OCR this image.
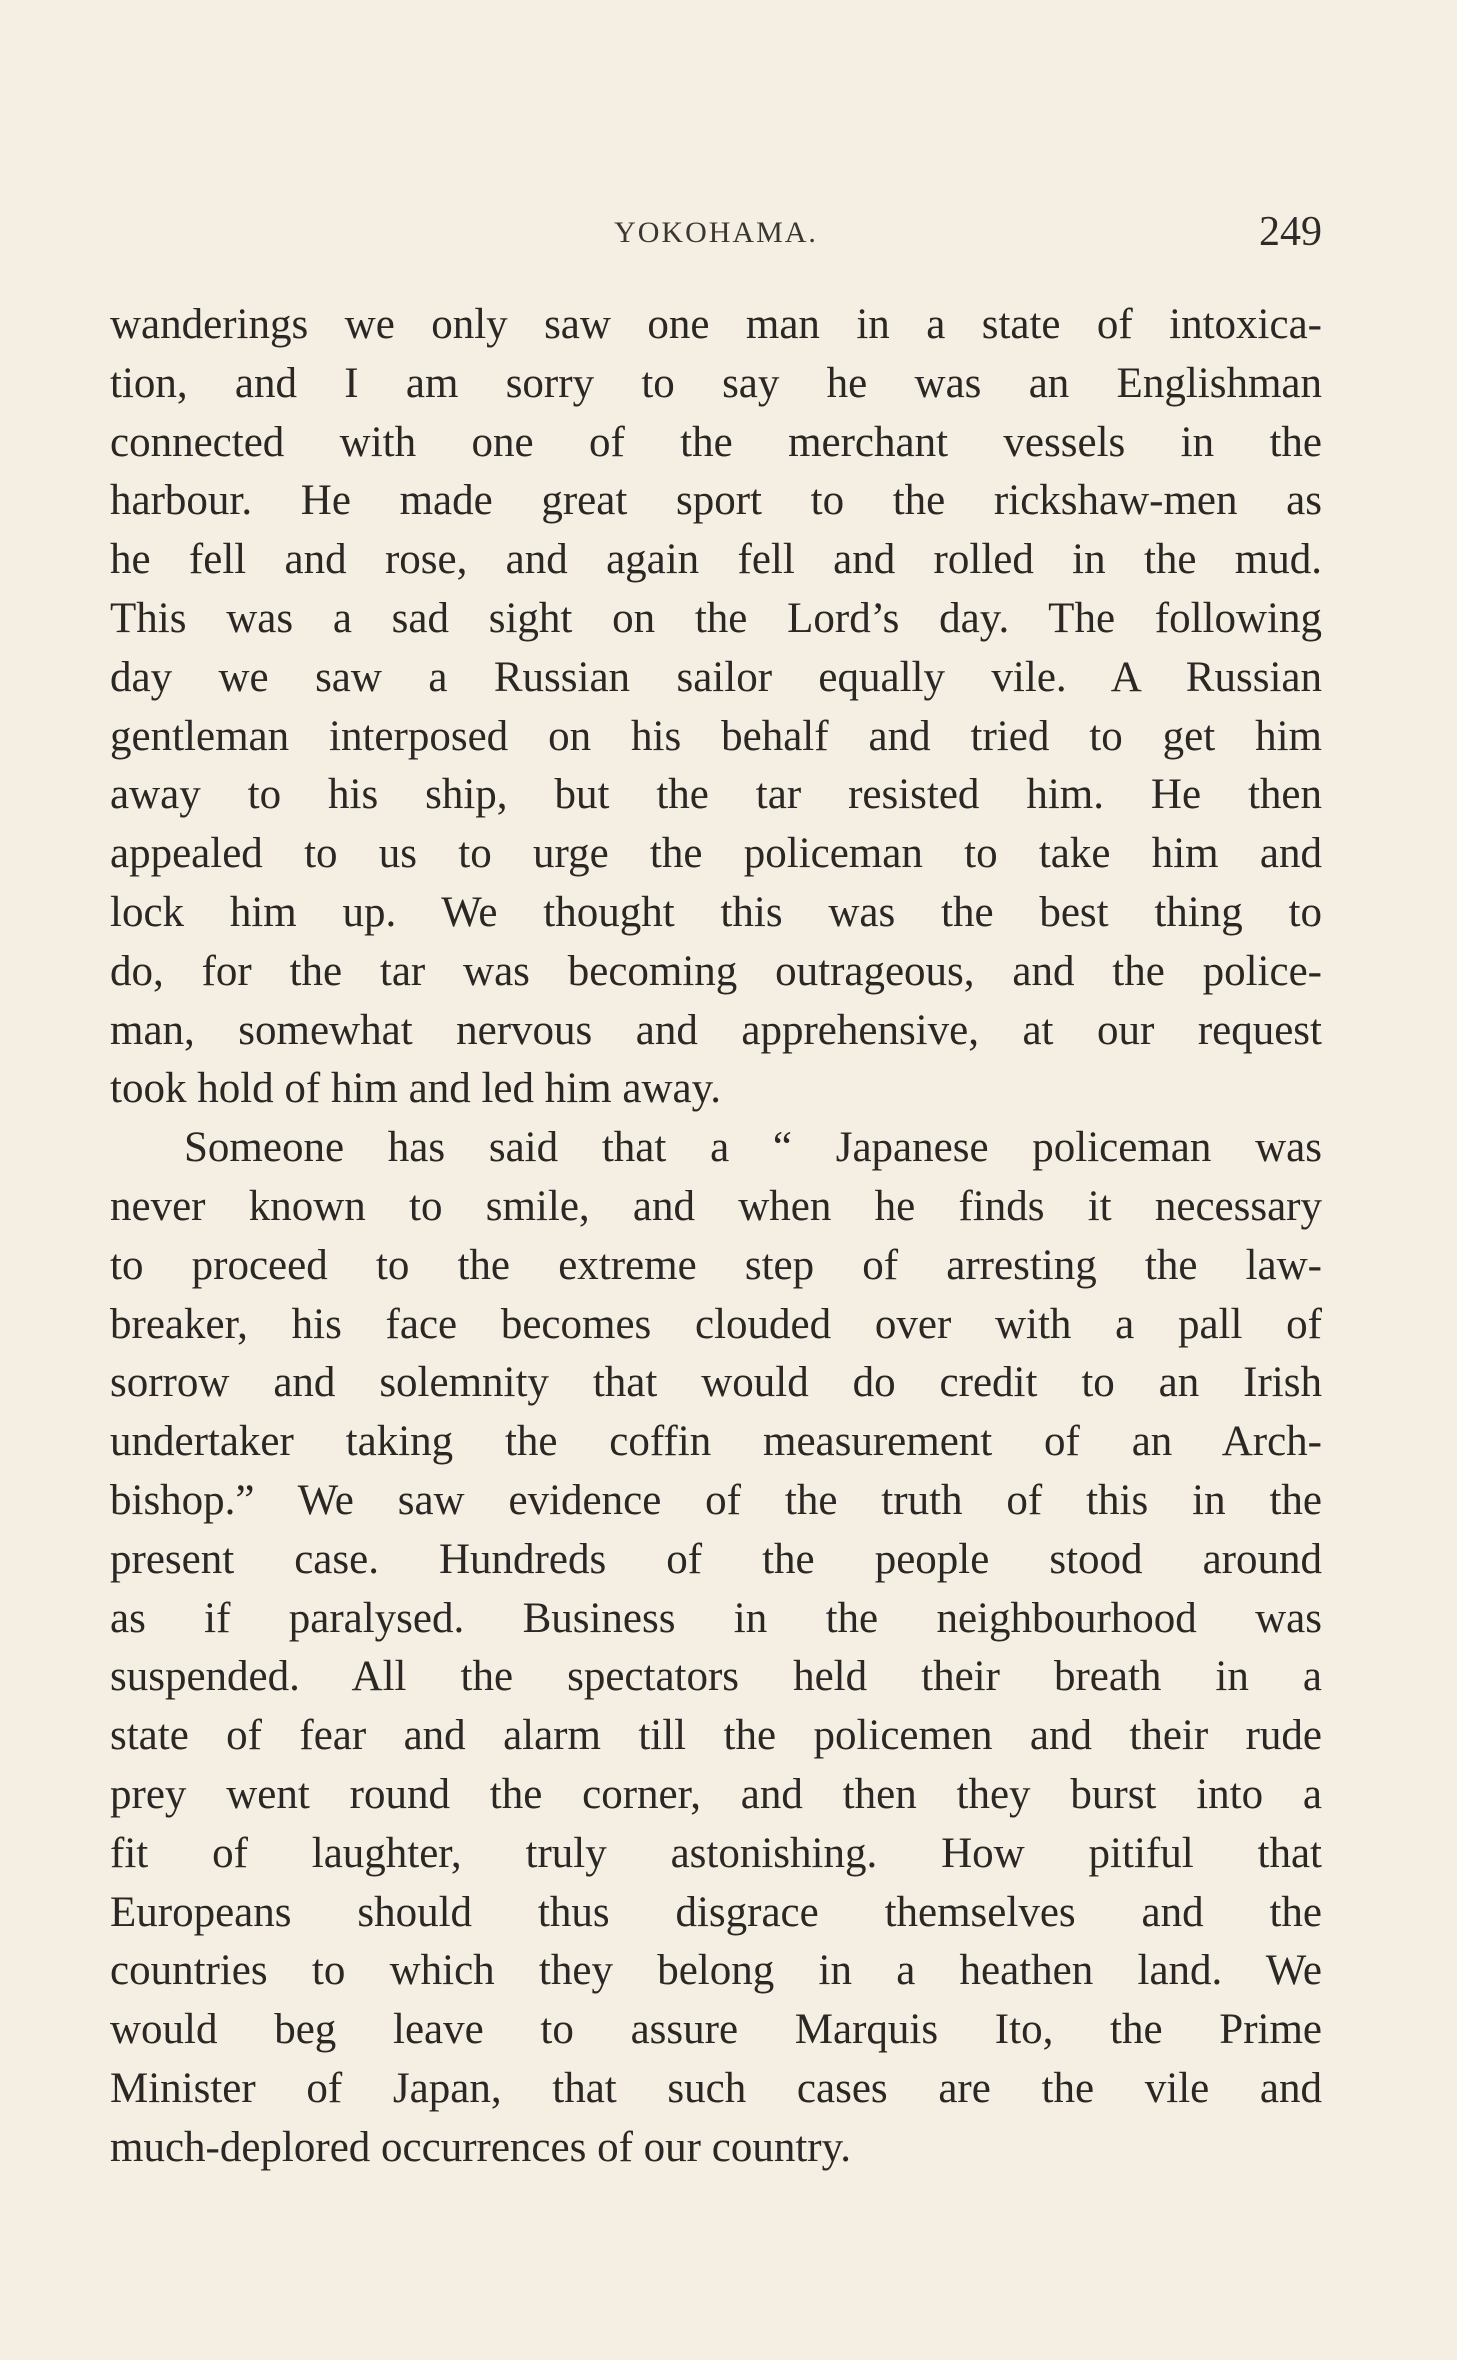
YOKOHAMA.	249
wanderings we only saw one man in a state of intoxica-
tion, and I am sorry to say he was an Englishman
connected with one of the merchant vessels in the
harbour. He made great sport to the rickshaw-men as
he fell and rose, and again fell and rolled in the mud.
This was a sad sight on the Lord’s day. The following
day we saw a Russian sailor equally vile. A Russian
gentleman interposed on his behalf and tried to get him
away to his ship, but the tar resisted him. He then
appealed to us to urge the policeman to take him and
lock him up. We thought this was the best thing to
do, for the tar was becoming outrageous, and the police-
man, somewhat nervous and apprehensive, at our request
took hold of him and led him away.
Someone has said that a “ Japanese policeman was
never known to smile, and when he finds it necessary
to proceed to the extreme step of arresting the law-
breaker, his face becomes clouded over with a pall of
sorrow and solemnity that would do credit to an Irish
undertaker taking the coffin measurement of an Arch-
bishop.” We saw evidence of the truth of this in the
present case. Hundreds of the people stood around
as if paralysed. Business in the neighbourhood was
suspended. All the spectators held their breath in a
state of fear and alarm till the policemen and their rude
prey went round the corner, and then they burst into a
fit of laughter, truly astonishing. How pitiful that
Europeans should thus disgrace themselves and the
countries to which they belong in a heathen land. We
would beg leave to assure Marquis Ito, the Prime
Minister of Japan, that such cases are the vile and
much-deplored occurrences of our country.
